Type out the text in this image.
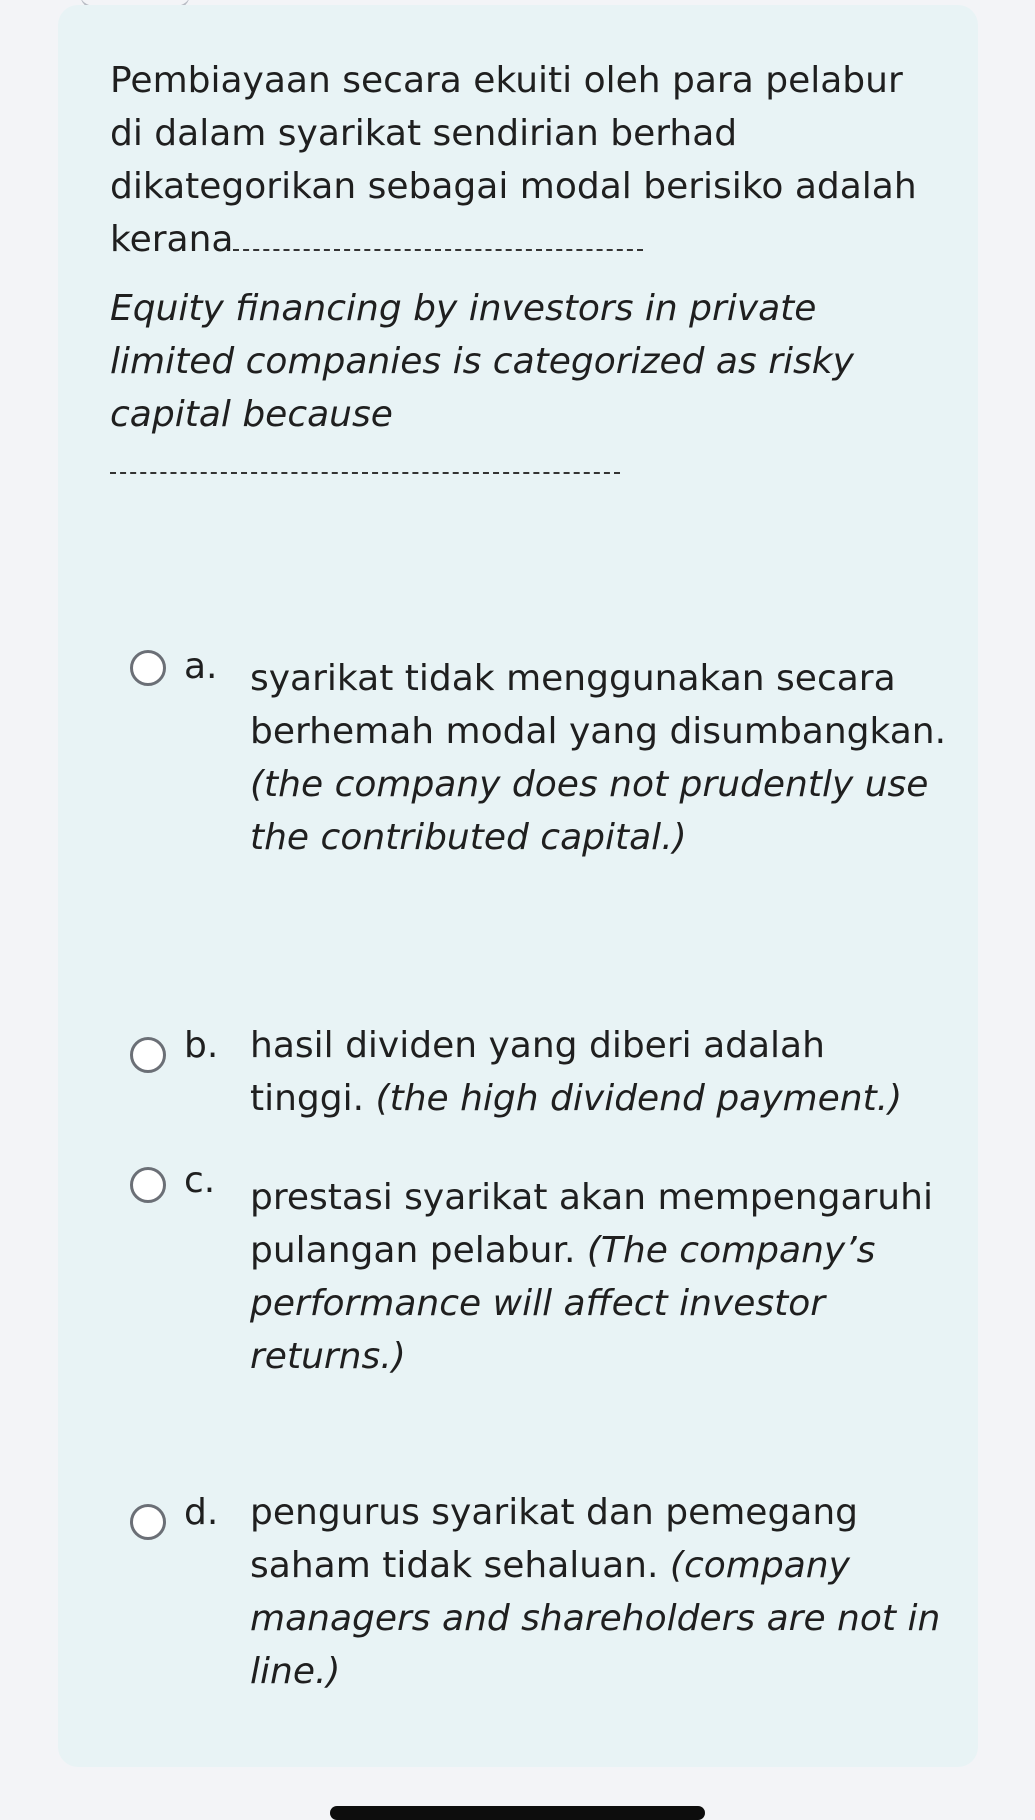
Pembiayaan secara ekuiti oleh para pelabur di dalam syarikat sendirian berhad dikategorikan sebagai modal berisiko adalah kerana

Equity financing by investors in private limited companies is categorized as risky capital because

a. syarikat tidak menggunakan secara berhemah modal yang disumbangkan. (the company does not prudently use the contributed capital.)
b. hasil dividen yang diberi adalah tinggi. (the high dividend payment.)
c. prestasi syarikat akan mempengaruhi pulangan pelabur. (The company’s performance will affect investor returns.)
d. pengurus syarikat dan pemegang saham tidak sehaluan. (company managers and shareholders are not in line.)
